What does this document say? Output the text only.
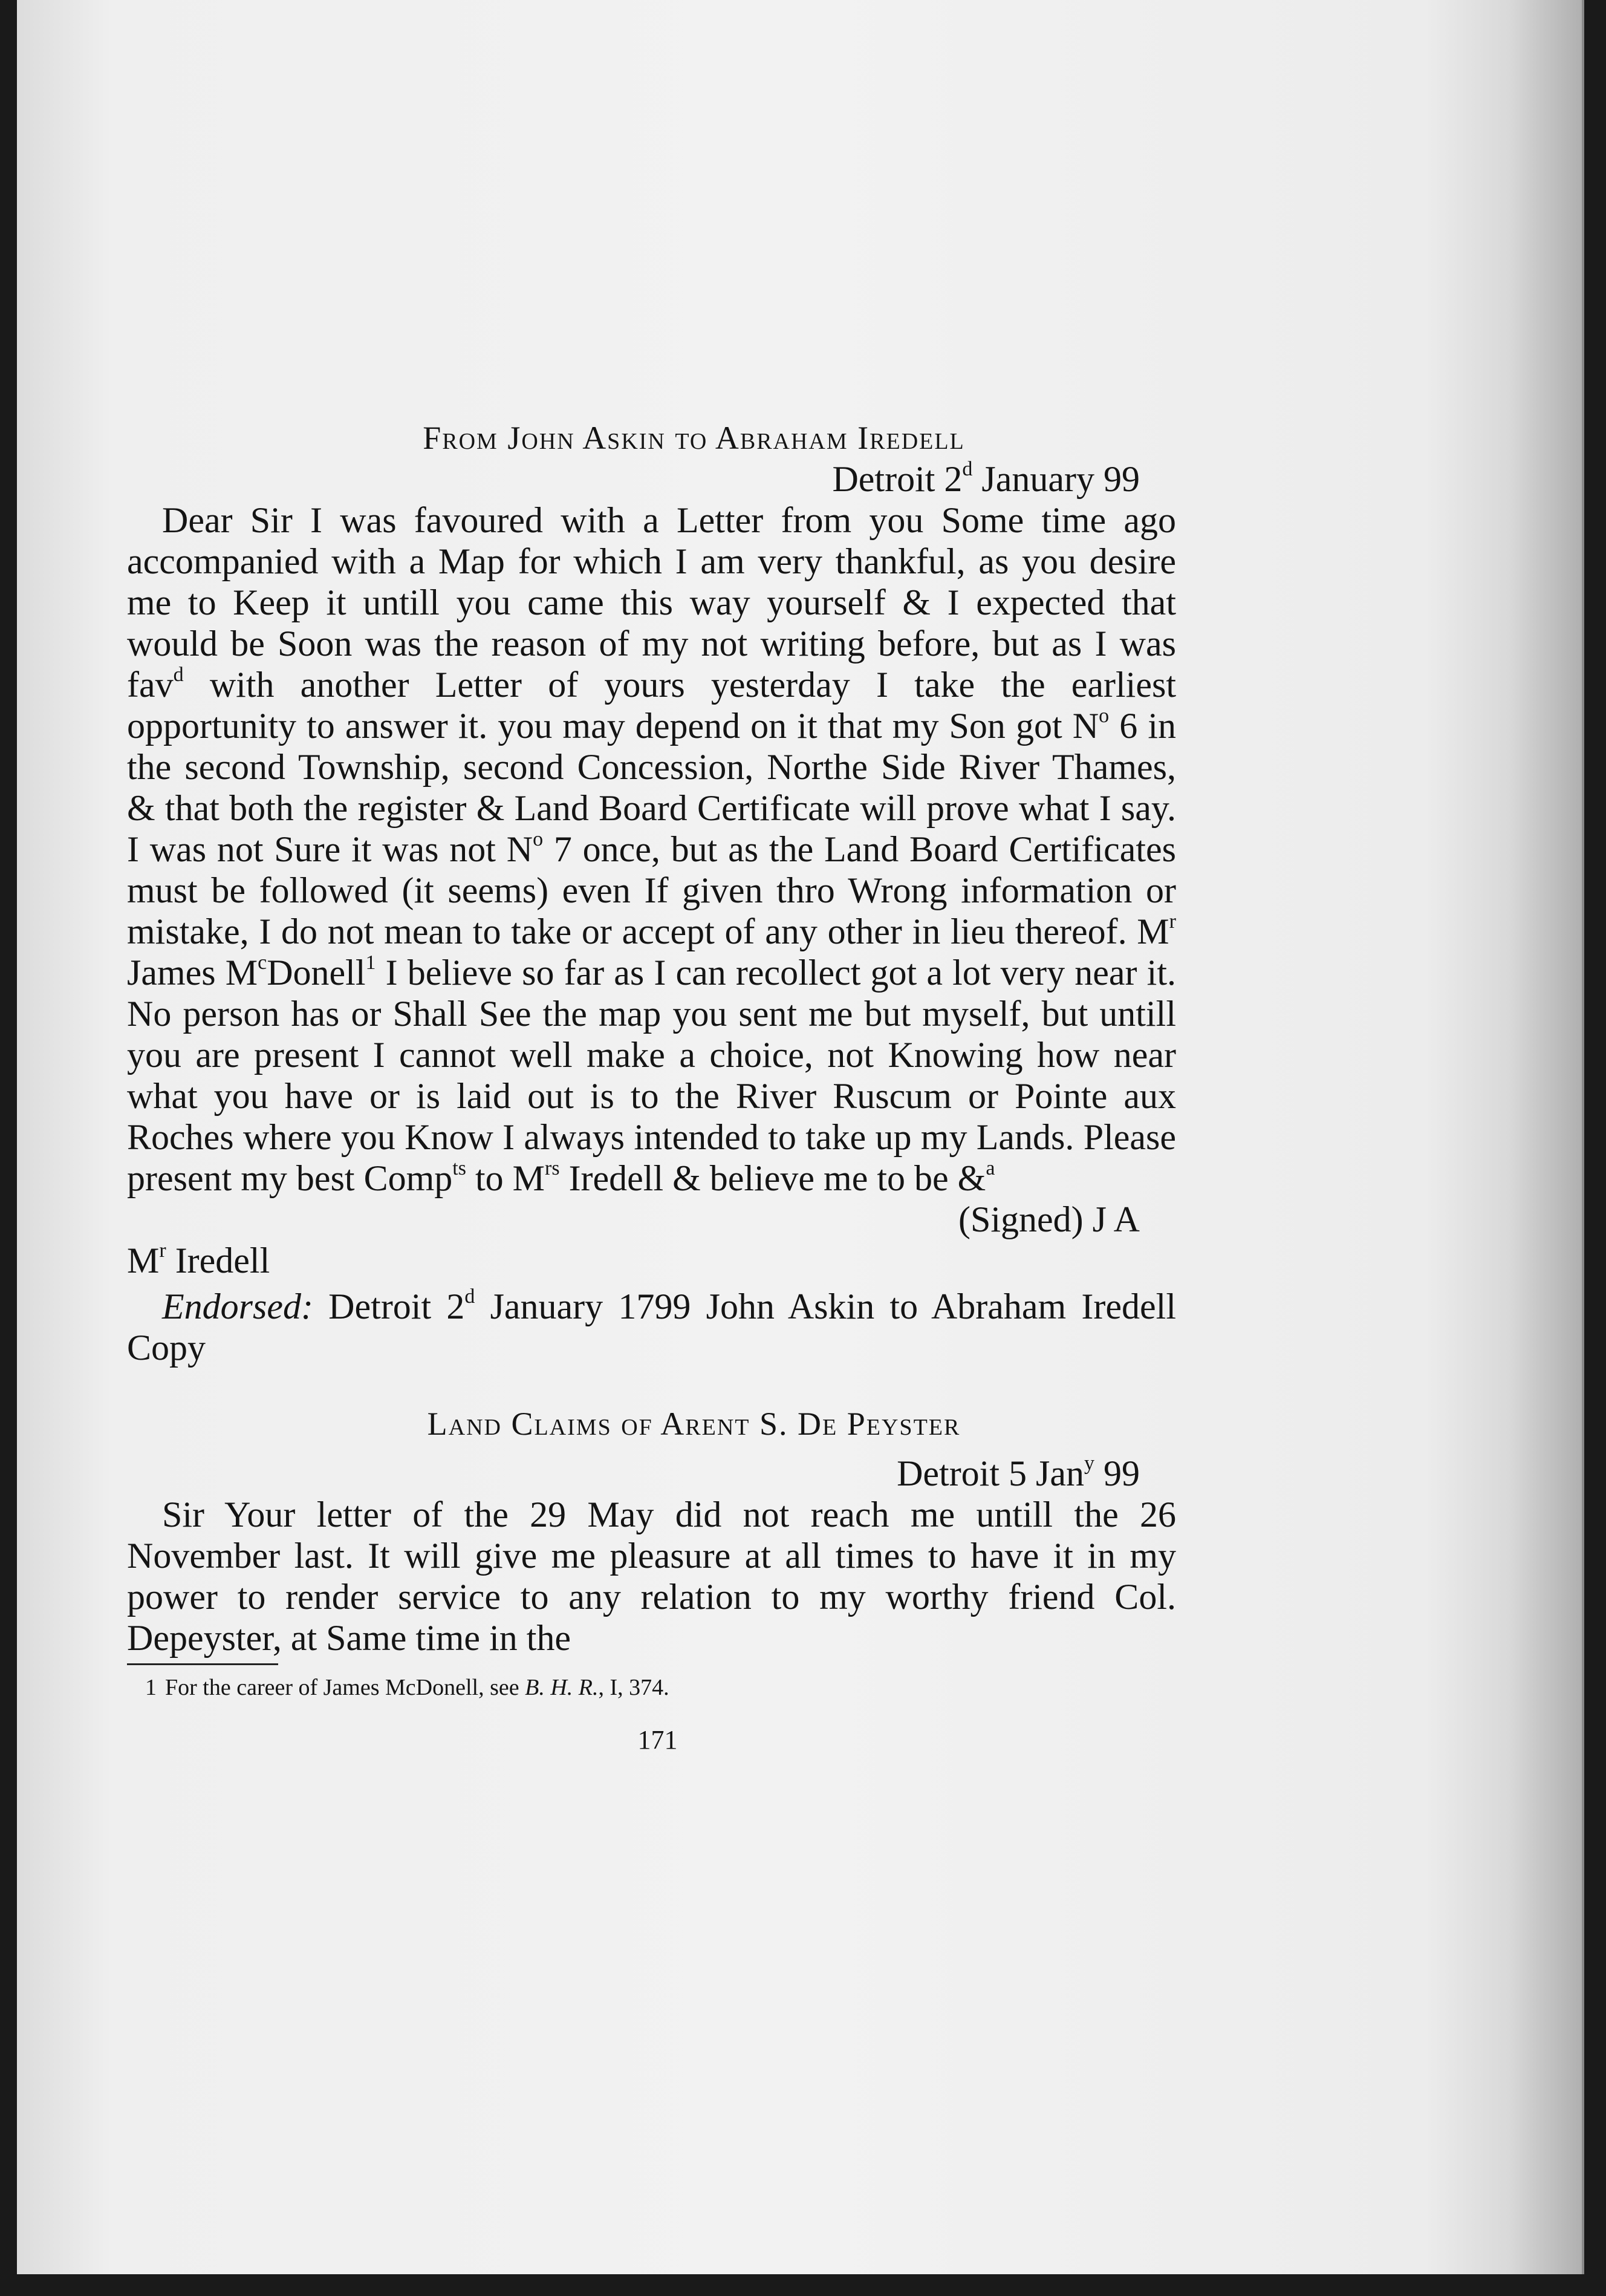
From John Askin to Abraham Iredell

Detroit 2$^d$ January 99

Dear Sir I was favoured with a Letter from you Some time ago accompanied with a Map for which I am very thankful, as you desire me to Keep it untill you came this way yourself & I expected that would be Soon was the reason of my not writing before, but as I was fav$^d$ with another Letter of yours yesterday I take the earliest opportunity to answer it. you may depend on it that my Son got $N^o$ 6 in the second Township, second Concession, Northe Side River Thames, & that both the register & Land Board Certificate will prove what I say. I was not Sure it was not $N^o$ 7 once, but as the Land Board Certificates must be followed (it seems) even If given thro Wrong information or mistake, I do not mean to take or accept of any other in lieu thereof. $M^r$ James $M^cDonell^1$ I believe so far as I can recollect got a lot very near it. No person has or Shall See the map you sent me but myself, but untill you are present I cannot well make a choice, not Knowing how near what you have or is laid out is to the River Ruscum or Pointe aux Roches where you Know I always intended to take up my Lands. Please present my best Comp$^{ts}$ to $M^{rs}$ Iredell & believe me to be &$^a$

(Signed) J A

$M^r$ Iredell

Endorsed: Detroit 2$^d$ January 1799 John Askin to Abraham Iredell Copy

Land Claims of Arent S. De Peyster

Detroit 5 Jan$^y$ 99

Sir Your letter of the 29 May did not reach me untill the 26 November last. It will give me pleasure at all times to have it in my power to render service to any relation to my worthy friend Col. Depeyster, at Same time in the

1 For the career of James McDonell, see B. H. R., I, 374.

171
